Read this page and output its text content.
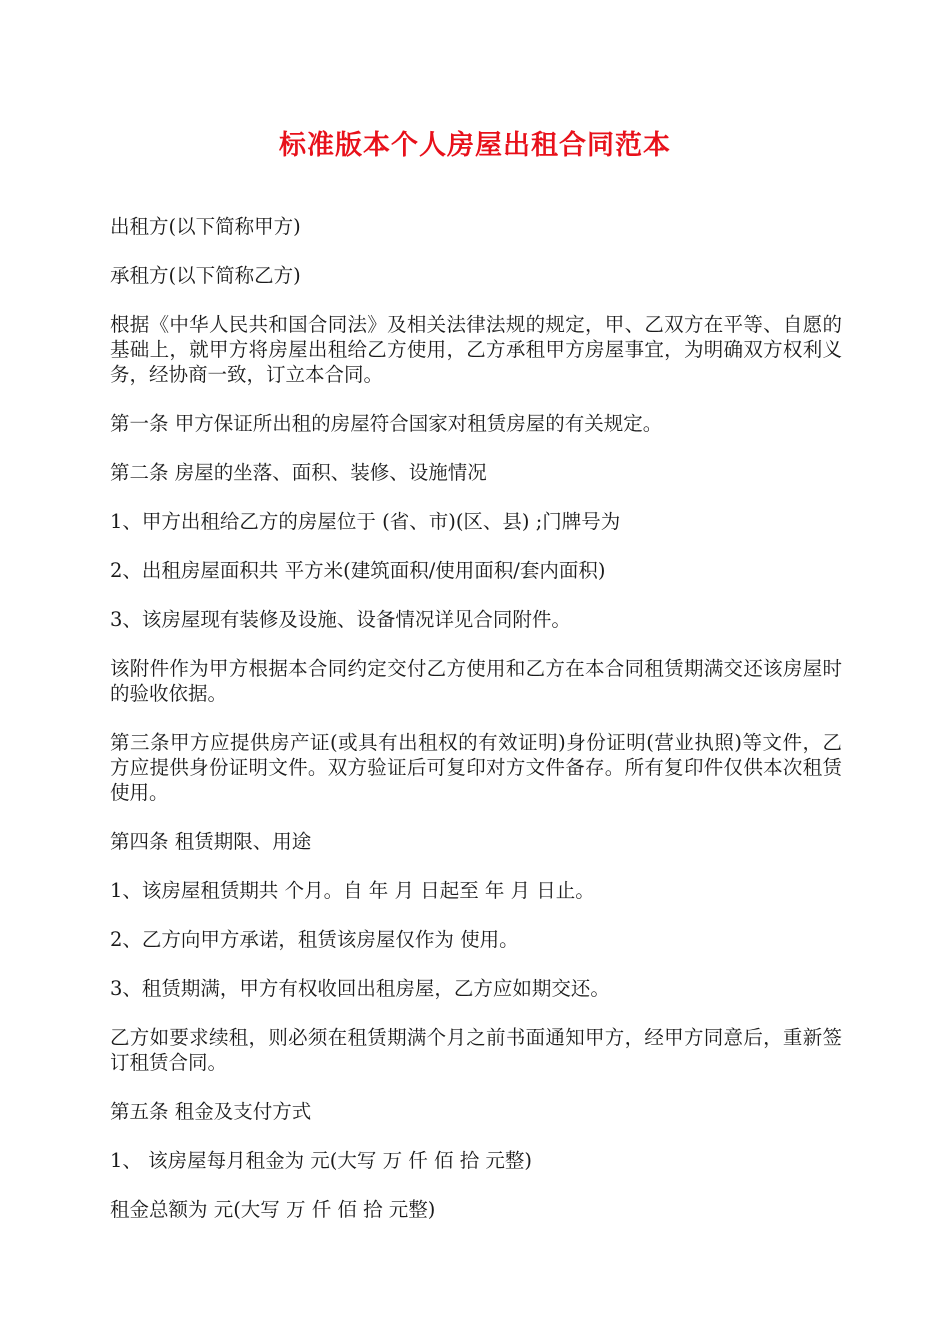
标准版本个人房屋出租合同范本

出租方(以下简称甲方)

承租方(以下简称乙方)

根据《中华人民共和国合同法》及相关法律法规的规定，甲、乙双方在平等、自愿的基础上，就甲方将房屋出租给乙方使用，乙方承租甲方房屋事宜，为明确双方权利义务，经协商一致，订立本合同。

第一条 甲方保证所出租的房屋符合国家对租赁房屋的有关规定。

第二条 房屋的坐落、面积、装修、设施情况

1、甲方出租给乙方的房屋位于 (省、市)(区、县) ;门牌号为

2、出租房屋面积共 平方米(建筑面积/使用面积/套内面积)

3、该房屋现有装修及设施、设备情况详见合同附件。

该附件作为甲方根据本合同约定交付乙方使用和乙方在本合同租赁期满交还该房屋时的验收依据。

第三条甲方应提供房产证(或具有出租权的有效证明)身份证明(营业执照)等文件，乙方应提供身份证明文件。双方验证后可复印对方文件备存。所有复印件仅供本次租赁使用。

第四条 租赁期限、用途

1、该房屋租赁期共 个月。自 年 月 日起至 年 月 日止。

2、乙方向甲方承诺，租赁该房屋仅作为 使用。

3、租赁期满，甲方有权收回出租房屋，乙方应如期交还。

乙方如要求续租，则必须在租赁期满个月之前书面通知甲方，经甲方同意后，重新签订租赁合同。

第五条 租金及支付方式

1、 该房屋每月租金为 元(大写 万 仟 佰 拾 元整)

租金总额为 元(大写 万 仟 佰 拾 元整)
